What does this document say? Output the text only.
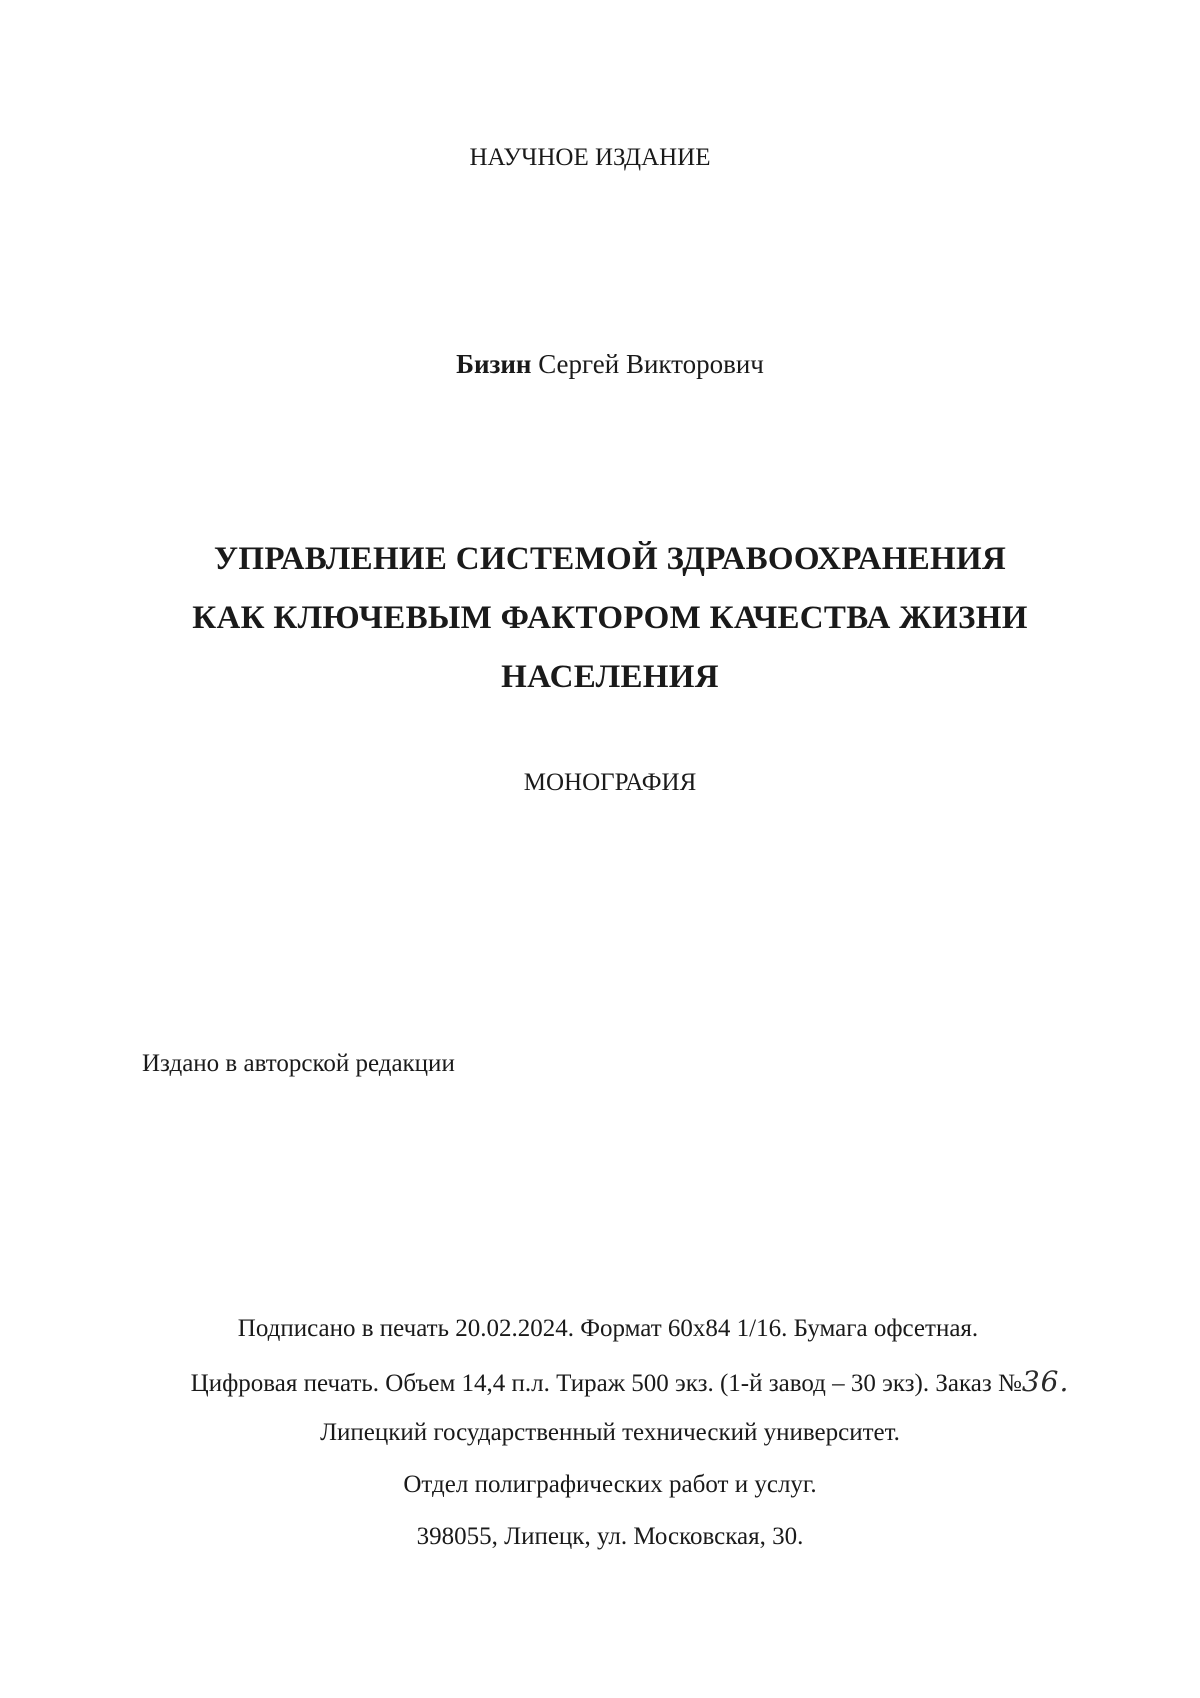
НАУЧНОЕ ИЗДАНИЕ
Бизин Сергей Викторович
УПРАВЛЕНИЕ СИСТЕМОЙ ЗДРАВООХРАНЕНИЯ
КАК КЛЮЧЕВЫМ ФАКТОРОМ КАЧЕСТВА ЖИЗНИ
НАСЕЛЕНИЯ
МОНОГРАФИЯ
Издано в авторской редакции
Подписано в печать 20.02.2024. Формат 60х84 1/16. Бумага офсетная.
Цифровая печать. Объем 14,4 п.л. Тираж 500 экз. (1-й завод – 30 экз). Заказ №36.
Липецкий государственный технический университет.
Отдел полиграфических работ и услуг.
398055, Липецк, ул. Московская, 30.
